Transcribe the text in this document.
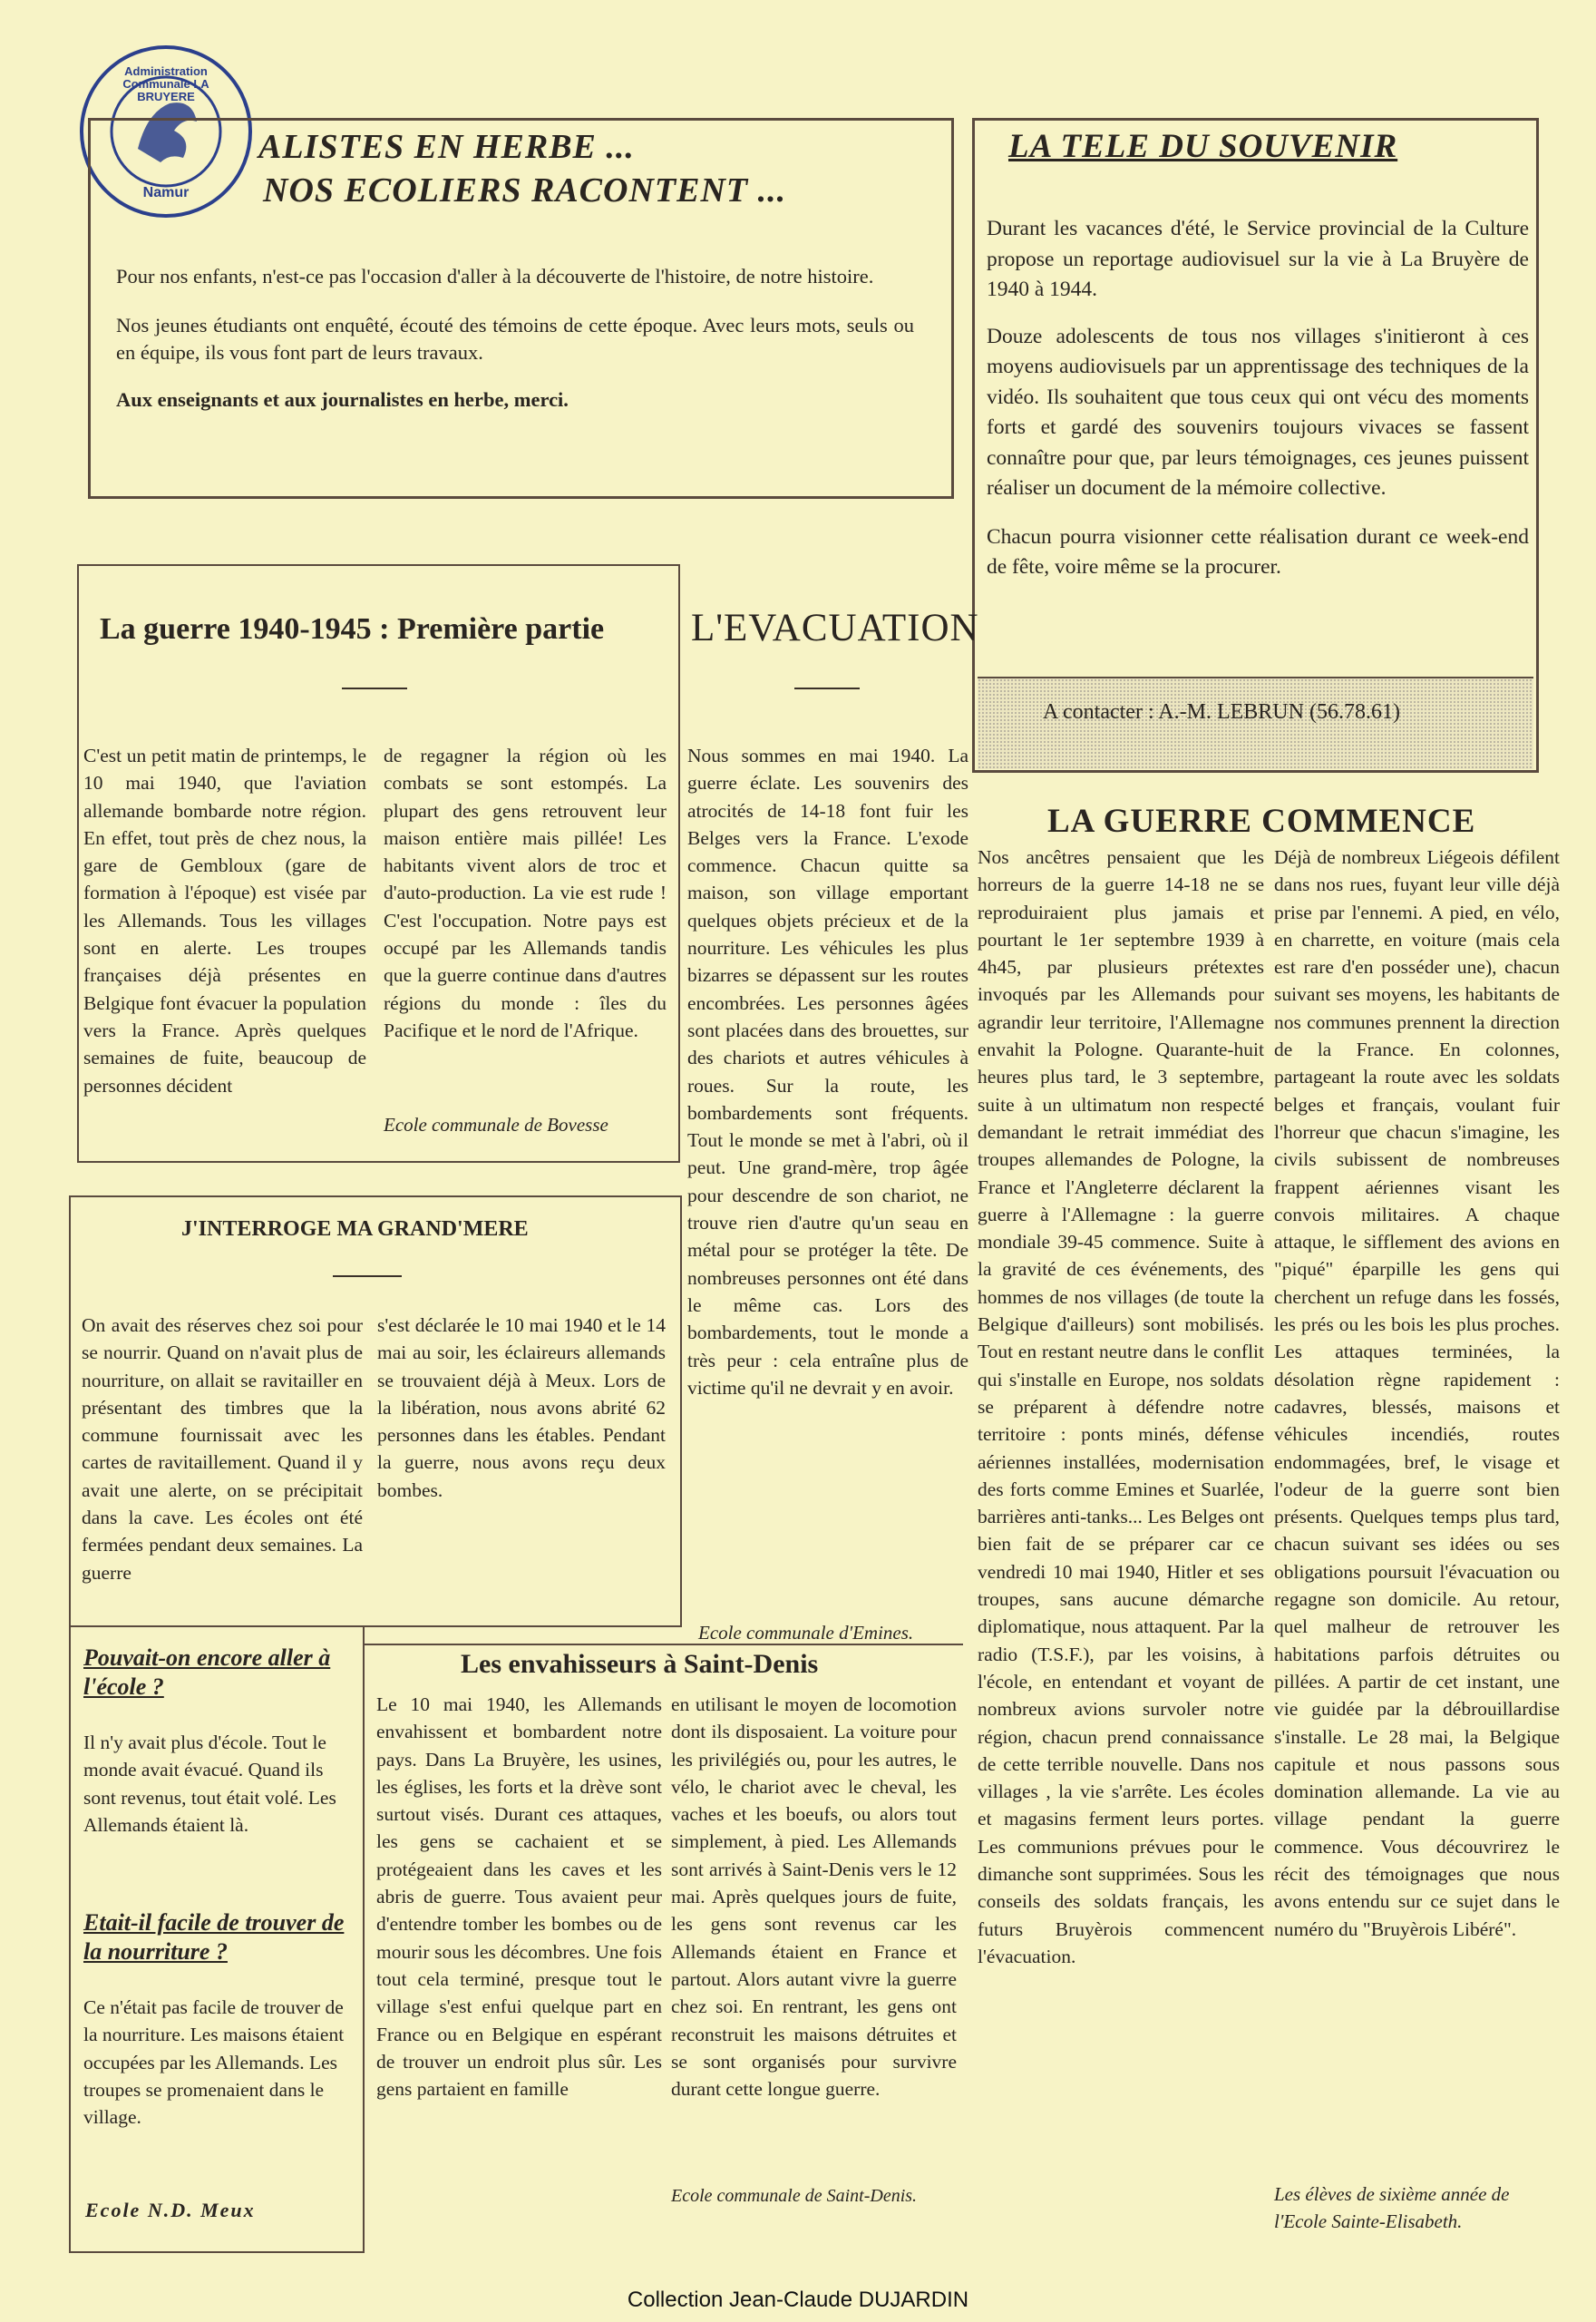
Administration Communale LA BRUYERE
Namur
ALISTES EN HERBE ...
NOS ECOLIERS RACONTENT ...

Pour nos enfants, n'est-ce pas l'occasion d'aller à la découverte de l'histoire, de notre histoire.

Nos jeunes étudiants ont enquêté, écouté des témoins de cette époque. Avec leurs mots, seuls ou en équipe, ils vous font part de leurs travaux.

Aux enseignants et aux journalistes en herbe, merci.

LA TELE DU SOUVENIR

Durant les vacances d'été, le Service provincial de la Culture propose un reportage audiovisuel sur la vie à La Bruyère de 1940 à 1944.

Douze adolescents de tous nos villages s'initieront à ces moyens audiovisuels par un apprentissage des techniques de la vidéo. Ils souhaitent que tous ceux qui ont vécu des moments forts et gardé des souvenirs toujours vivaces se fassent connaître pour que, par leurs témoignages, ces jeunes puissent réaliser un document de la mémoire collective.

Chacun pourra visionner cette réalisation durant ce week-end de fête, voire même se la procurer.

A contacter : A.-M. LEBRUN (56.78.61)
La guerre 1940-1945 : Première partie
C'est un petit matin de printemps, le 10 mai 1940, que l'aviation allemande bombarde notre région. En effet, tout près de chez nous, la gare de Gembloux (gare de formation à l'époque) est visée par les Allemands. Tous les villages sont en alerte. Les troupes françaises déjà présentes en Belgique font évacuer la population vers la France. Après quelques semaines de fuite, beaucoup de personnes décident
de regagner la région où les combats se sont estompés. La plupart des gens retrouvent leur maison entière mais pillée! Les habitants vivent alors de troc et d'auto-production. La vie est rude ! C'est l'occupation. Notre pays est occupé par les Allemands tandis que la guerre continue dans d'autres régions du monde : îles du Pacifique et le nord de l'Afrique.
Ecole communale de Bovesse
L'EVACUATION
Nous sommes en mai 1940. La guerre éclate. Les souvenirs des atrocités de 14-18 font fuir les Belges vers la France. L'exode commence. Chacun quitte sa maison, son village emportant quelques objets précieux et de la nourriture. Les véhicules les plus bizarres se dépassent sur les routes encombrées. Les personnes âgées sont placées dans des brouettes, sur des chariots et autres véhicules à roues. Sur la route, les bombardements sont fréquents. Tout le monde se met à l'abri, où il peut. Une grand-mère, trop âgée pour descendre de son chariot, ne trouve rien d'autre qu'un seau en métal pour se protéger la tête. De nombreuses personnes ont été dans le même cas. Lors des bombardements, tout le monde a très peur : cela entraîne plus de victime qu'il ne devrait y en avoir.
Ecole communale d'Emines.
J'INTERROGE MA GRAND'MERE
On avait des réserves chez soi pour se nourrir. Quand on n'avait plus de nourriture, on allait se ravitailler en présentant des timbres que la commune fournissait avec les cartes de ravitaillement. Quand il y avait une alerte, on se précipitait dans la cave. Les écoles ont été fermées pendant deux semaines. La guerre
s'est déclarée le 10 mai 1940 et le 14 mai au soir, les éclaireurs allemands se trouvaient déjà à Meux. Lors de la libération, nous avons abrité 62 personnes dans les étables. Pendant la guerre, nous avons reçu deux bombes.
Pouvait-on encore aller à l'école ?
Il n'y avait plus d'école. Tout le monde avait évacué. Quand ils sont revenus, tout était volé. Les Allemands étaient là.
Etait-il facile de trouver de la nourriture ?
Ce n'était pas facile de trouver de la nourriture. Les maisons étaient occupées par les Allemands. Les troupes se promenaient dans le village.
Ecole N.D. Meux
Les envahisseurs à Saint-Denis
Le 10 mai 1940, les Allemands envahissent et bombardent notre pays. Dans La Bruyère, les usines, les églises, les forts et la drève sont surtout visés. Durant ces attaques, les gens se cachaient et se protégeaient dans les caves et les abris de guerre. Tous avaient peur d'entendre tomber les bombes ou de mourir sous les décombres. Une fois tout cela terminé, presque tout le village s'est enfui quelque part en France ou en Belgique en espérant de trouver un endroit plus sûr. Les gens partaient en famille
en utilisant le moyen de locomotion dont ils disposaient. La voiture pour les privilégiés ou, pour les autres, le vélo, le chariot avec le cheval, les vaches et les boeufs, ou alors tout simplement, à pied. Les Allemands sont arrivés à Saint-Denis vers le 12 mai. Après quelques jours de fuite, les gens sont revenus car les Allemands étaient en France et partout. Alors autant vivre la guerre chez soi. En rentrant, les gens ont reconstruit les maisons détruites et se sont organisés pour survivre durant cette longue guerre.
Ecole communale de Saint-Denis.
LA GUERRE COMMENCE
Nos ancêtres pensaient que les horreurs de la guerre 14-18 ne se reproduiraient plus jamais et pourtant le 1er septembre 1939 à 4h45, par plusieurs prétextes invoqués par les Allemands pour agrandir leur territoire, l'Allemagne envahit la Pologne. Quarante-huit heures plus tard, le 3 septembre, suite à un ultimatum non respecté demandant le retrait immédiat des troupes allemandes de Pologne, la France et l'Angleterre déclarent la guerre à l'Allemagne : la guerre mondiale 39-45 commence. Suite à la gravité de ces événements, des hommes de nos villages (de toute la Belgique d'ailleurs) sont mobilisés. Tout en restant neutre dans le conflit qui s'installe en Europe, nos soldats se préparent à défendre notre territoire : ponts minés, défense aériennes installées, modernisation des forts comme Emines et Suarlée, barrières anti-tanks... Les Belges ont bien fait de se préparer car ce vendredi 10 mai 1940, Hitler et ses troupes, sans aucune démarche diplomatique, nous attaquent. Par la radio (T.S.F.), par les voisins, à l'école, en entendant et voyant de nombreux avions survoler notre région, chacun prend connaissance de cette terrible nouvelle. Dans nos villages , la vie s'arrête. Les écoles et magasins ferment leurs portes. Les communions prévues pour le dimanche sont supprimées. Sous les conseils des soldats français, les futurs Bruyèrois commencent l'évacuation.
Déjà de nombreux Liégeois défilent dans nos rues, fuyant leur ville déjà prise par l'ennemi. A pied, en vélo, en charrette, en voiture (mais cela est rare d'en posséder une), chacun suivant ses moyens, les habitants de nos communes prennent la direction de la France. En colonnes, partageant la route avec les soldats belges et français, voulant fuir l'horreur que chacun s'imagine, les civils subissent de nombreuses frappent aériennes visant les convois militaires. A chaque attaque, le sifflement des avions en "piqué" éparpille les gens qui cherchent un refuge dans les fossés, les prés ou les bois les plus proches. Les attaques terminées, la désolation règne rapidement : cadavres, blessés, maisons et véhicules incendiés, routes endommagées, bref, le visage et l'odeur de la guerre sont bien présents. Quelques temps plus tard, chacun suivant ses idées ou ses obligations poursuit l'évacuation ou regagne son domicile. Au retour, quel malheur de retrouver les habitations parfois détruites ou pillées. A partir de cet instant, une vie guidée par la débrouillardise s'installe. Le 28 mai, la Belgique capitule et nous passons sous domination allemande. La vie au village pendant la guerre commence. Vous découvrirez le récit des témoignages que nous avons entendu sur ce sujet dans le numéro du "Bruyèrois Libéré".
Les élèves de sixième année de l'Ecole Sainte-Elisabeth.
Collection Jean-Claude DUJARDIN
